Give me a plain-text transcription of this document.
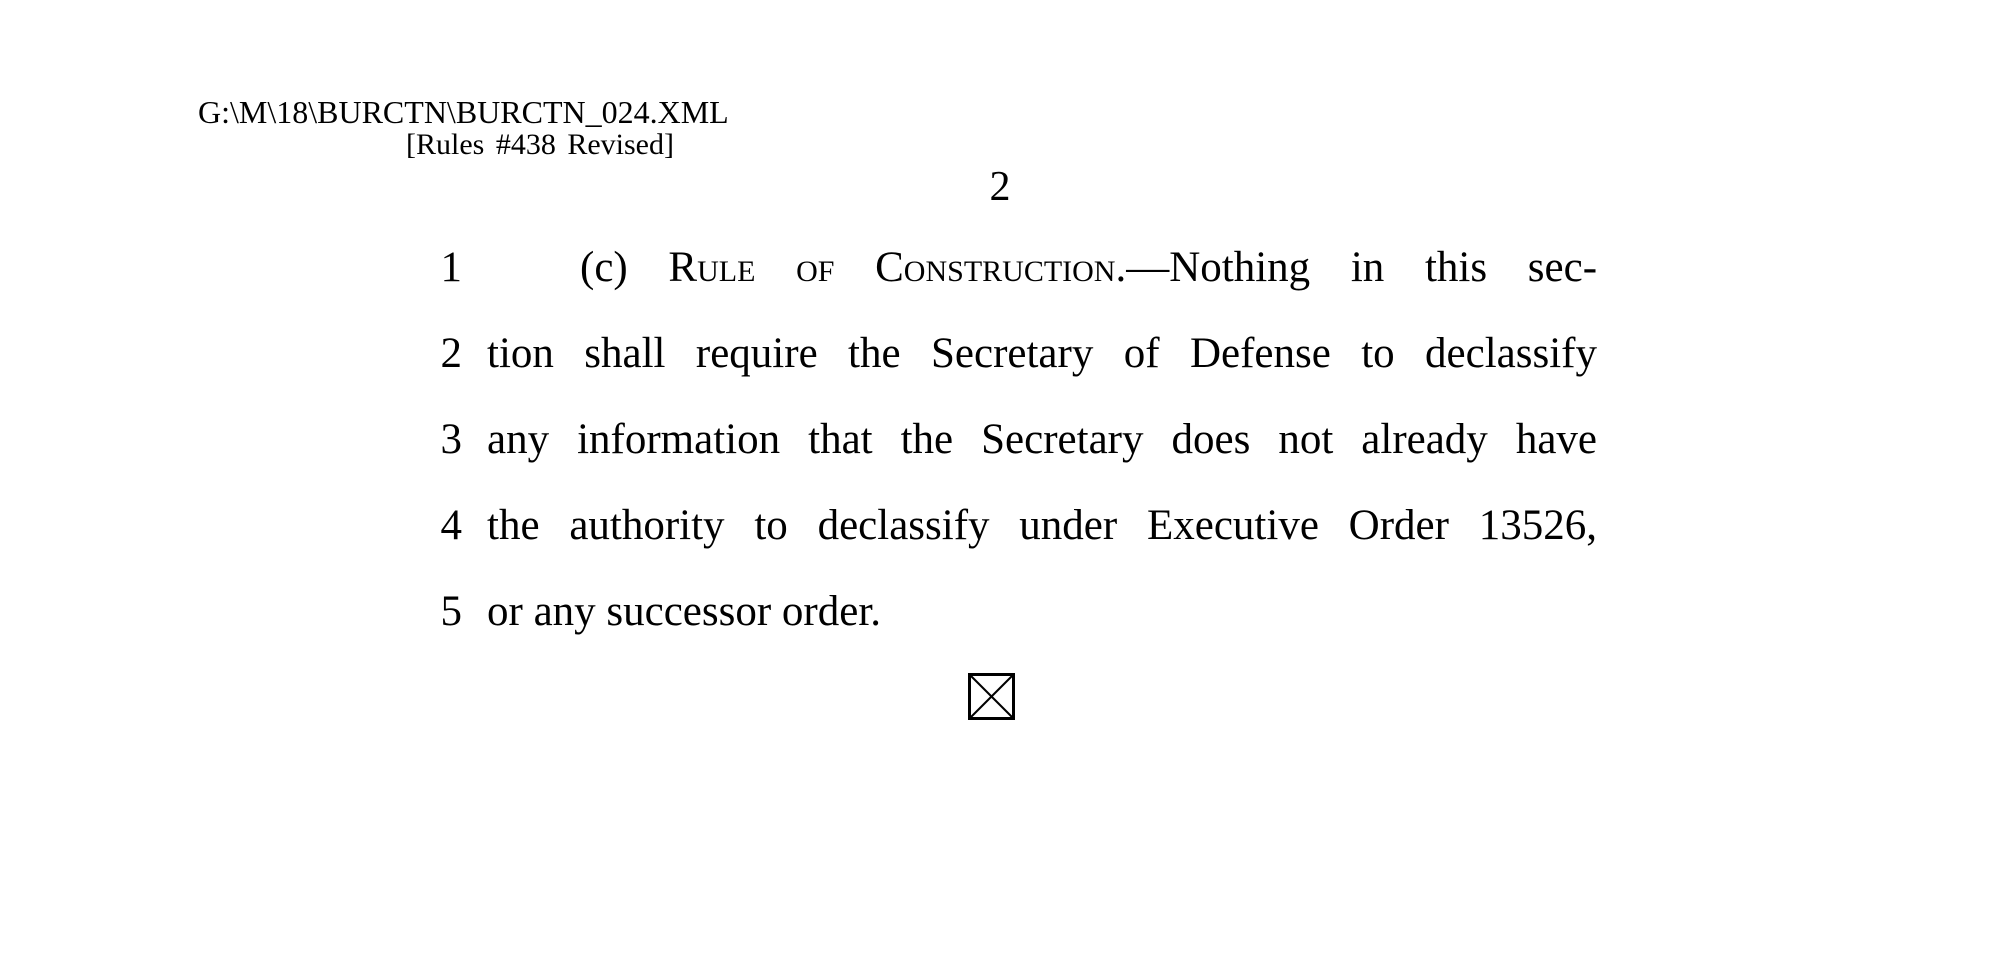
G:\M\18\BURCTN\BURCTN_024.XML
[Rules #438 Revised]
2
1	(c) Rule of Construction.—Nothing in this sec-
2 tion shall require the Secretary of Defense to declassify
3 any information that the Secretary does not already have
4 the authority to declassify under Executive Order 13526,
5 or any successor order.
